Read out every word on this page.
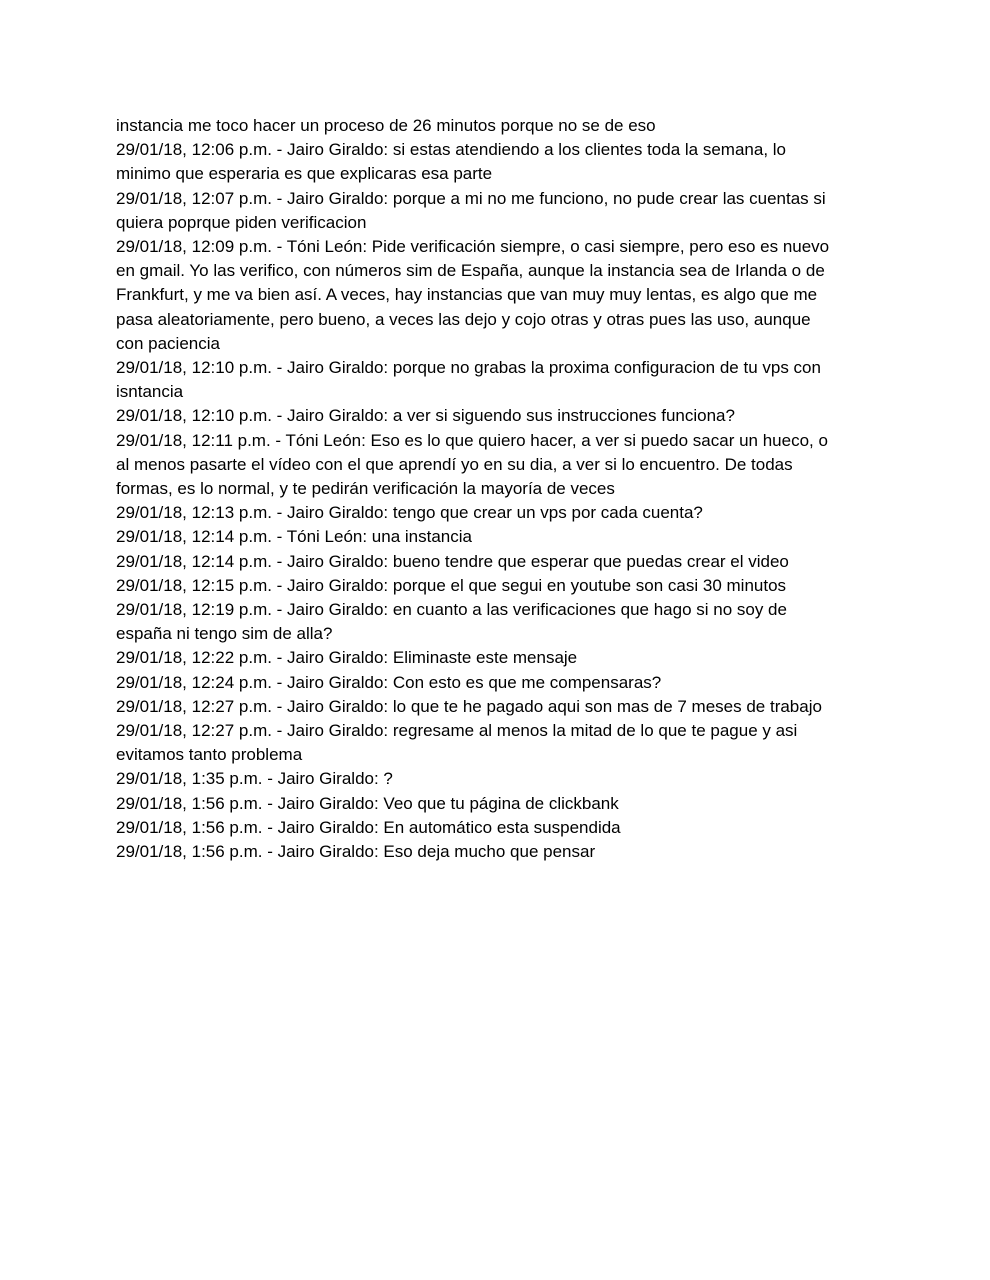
instancia me toco hacer un proceso de 26 minutos porque no se de eso

29/01/18, 12:06 p.m. - Jairo Giraldo: si estas atendiendo a los clientes toda la semana, lo
minimo que esperaria es que explicaras esa parte

29/01/18, 12:07 p.m. - Jairo Giraldo: porque a mi no me funciono, no pude crear las cuentas si
quiera poprque piden verificacion

29/01/18, 12:09 p.m. - Tóni León: Pide verificación siempre, o casi siempre, pero eso es nuevo
en gmail. Yo las verifico, con números sim de España, aunque la instancia sea de Irlanda o de
Frankfurt, y me va bien así. A veces, hay instancias que van muy muy lentas, es algo que me
pasa aleatoriamente, pero bueno, a veces las dejo y cojo otras y otras pues las uso, aunque
con paciencia

29/01/18, 12:10 p.m. - Jairo Giraldo: porque no grabas la proxima configuracion de tu vps con
isntancia

29/01/18, 12:10 p.m. - Jairo Giraldo: a ver si siguendo sus instrucciones funciona?

29/01/18, 12:11 p.m. - Tóni León: Eso es lo que quiero hacer, a ver si puedo sacar un hueco, o
al menos pasarte el vídeo con el que aprendí yo en su dia, a ver si lo encuentro. De todas
formas, es lo normal, y te pedirán verificación la mayoría de veces

29/01/18, 12:13 p.m. - Jairo Giraldo: tengo que crear un vps por cada cuenta?

29/01/18, 12:14 p.m. - Tóni León: una instancia

29/01/18, 12:14 p.m. - Jairo Giraldo: bueno tendre que esperar que puedas crear el video

29/01/18, 12:15 p.m. - Jairo Giraldo: porque el que segui en youtube son casi 30 minutos

29/01/18, 12:19 p.m. - Jairo Giraldo: en cuanto a las verificaciones que hago si no soy de
españa ni tengo sim de alla?

29/01/18, 12:22 p.m. - Jairo Giraldo: Eliminaste este mensaje

29/01/18, 12:24 p.m. - Jairo Giraldo: Con esto es que me compensaras?

29/01/18, 12:27 p.m. - Jairo Giraldo: lo que te he pagado aqui son mas de 7 meses de trabajo

29/01/18, 12:27 p.m. - Jairo Giraldo: regresame al menos la mitad de lo que te pague y asi
evitamos tanto problema

29/01/18, 1:35 p.m. - Jairo Giraldo: ?

29/01/18, 1:56 p.m. - Jairo Giraldo: Veo que tu página de clickbank

29/01/18, 1:56 p.m. - Jairo Giraldo: En automático esta suspendida

29/01/18, 1:56 p.m. - Jairo Giraldo: Eso deja mucho que pensar
